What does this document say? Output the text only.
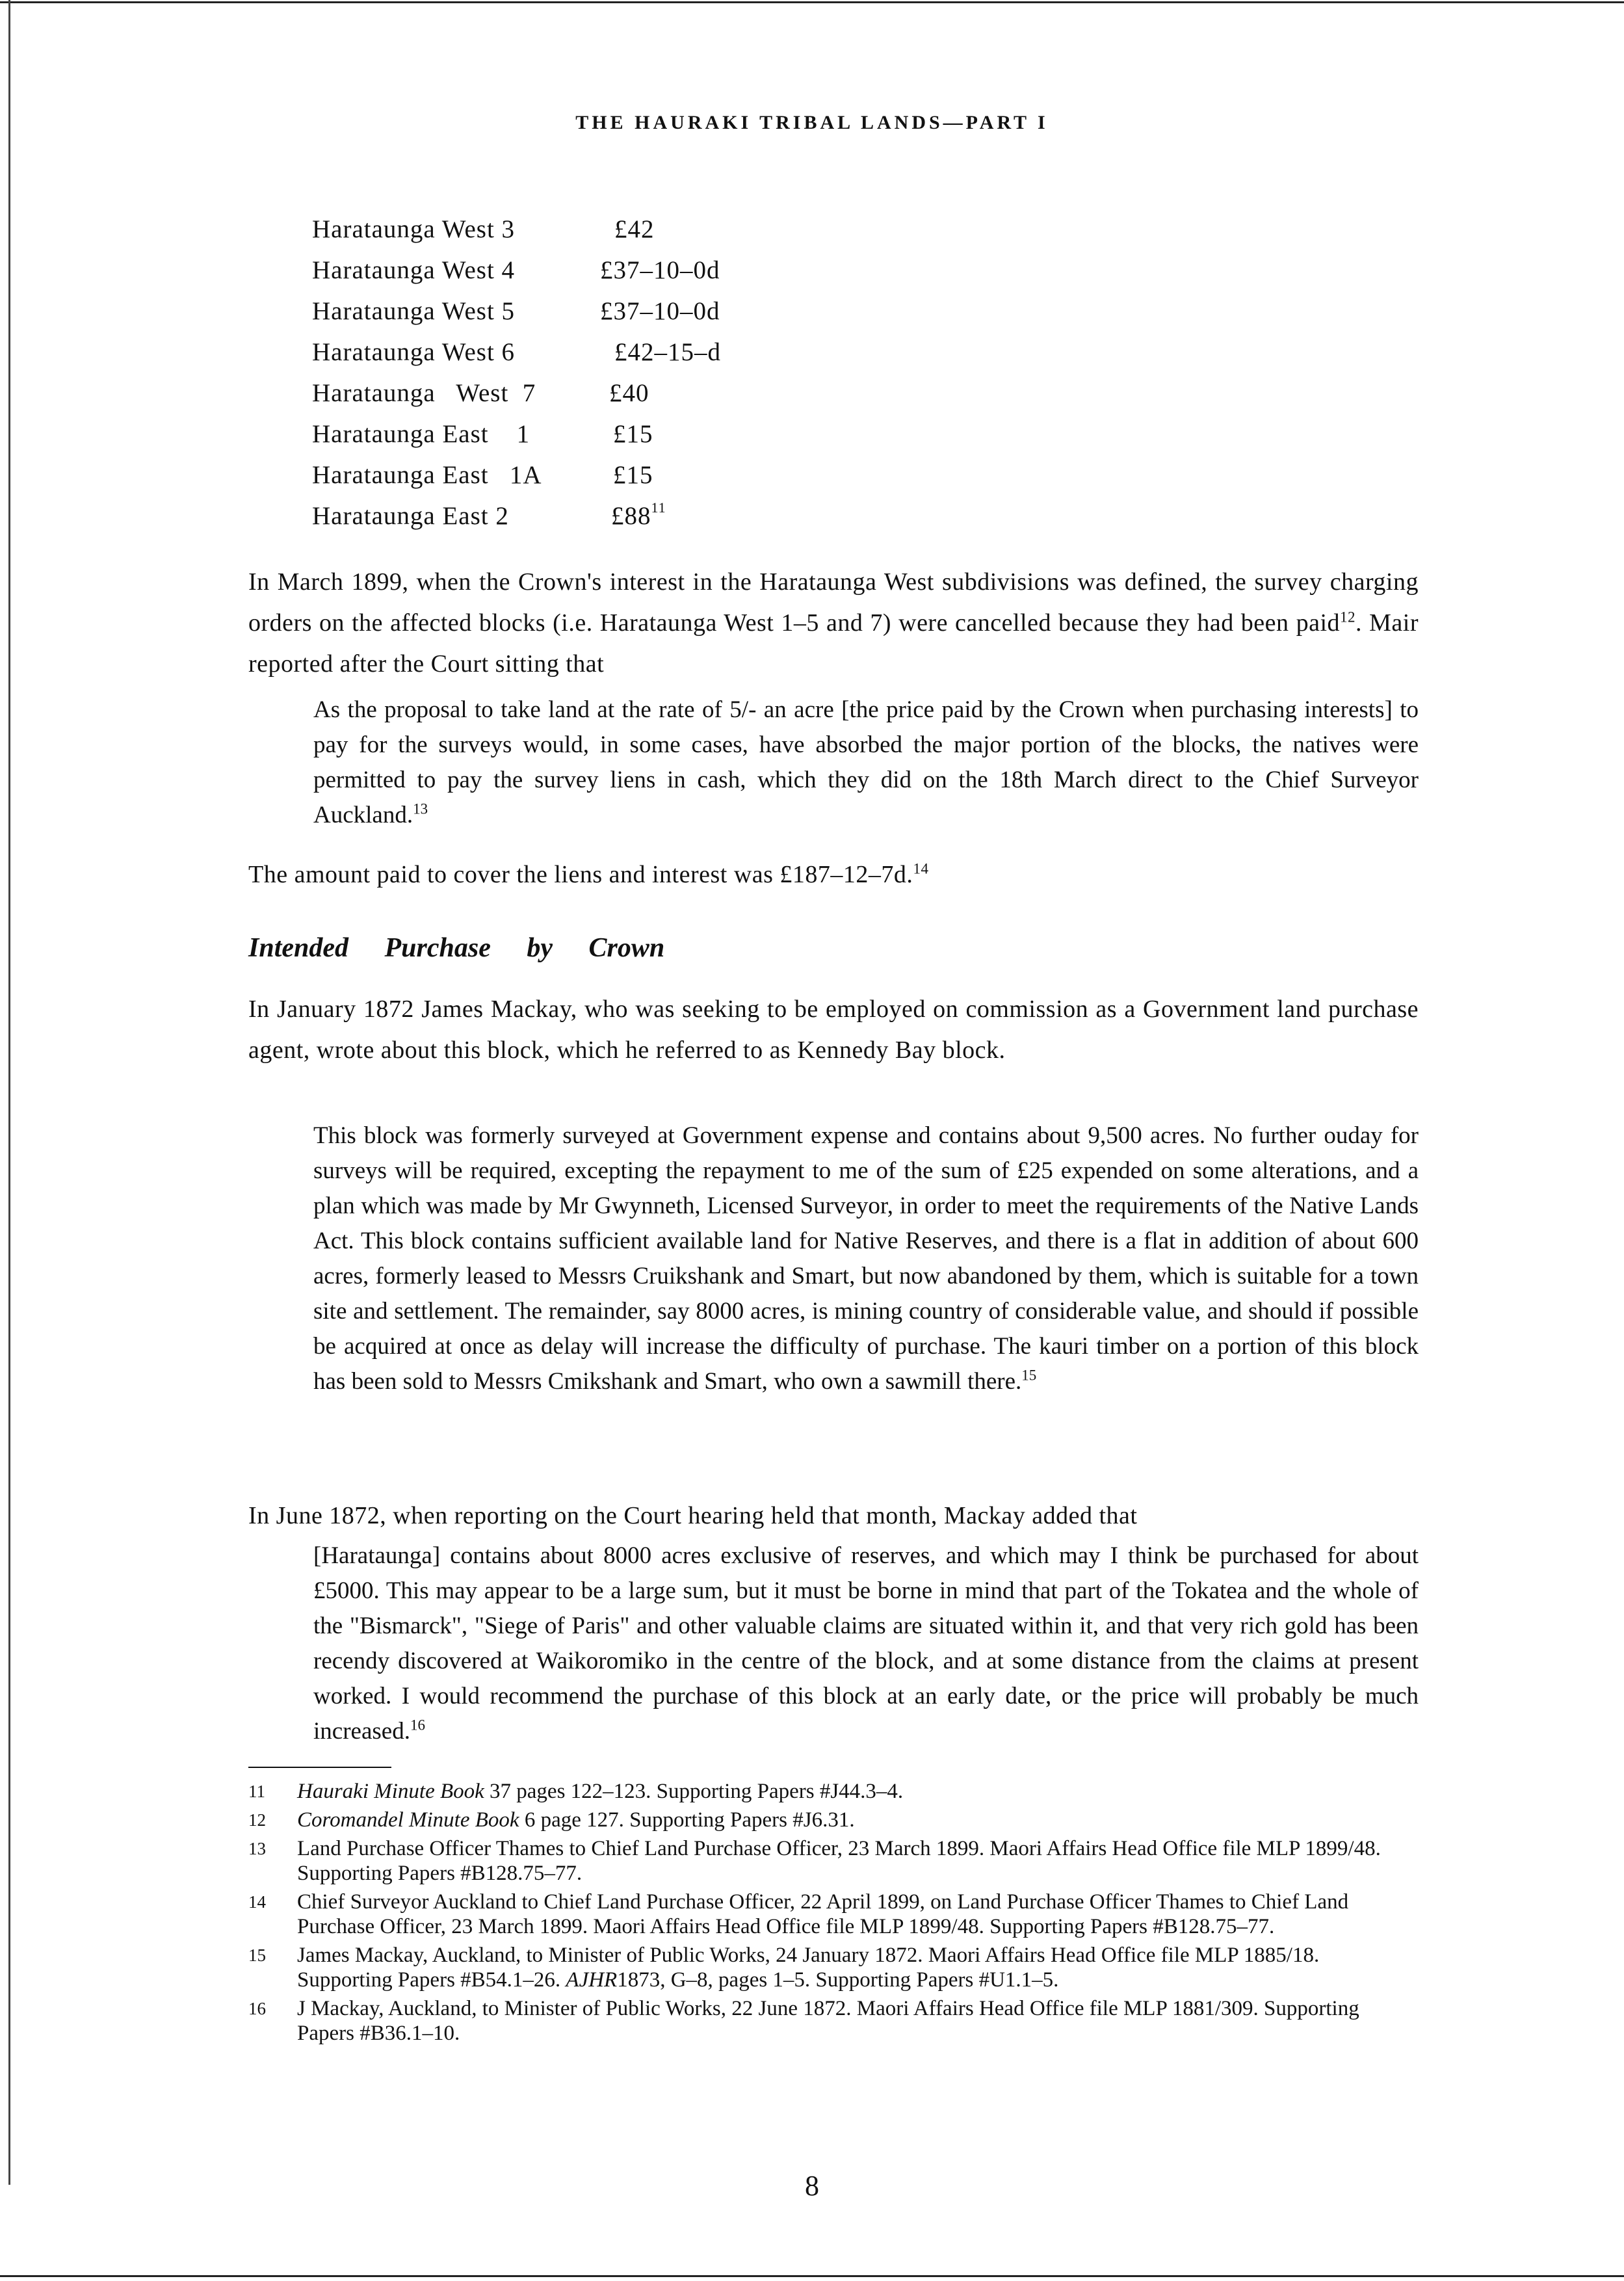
THE HAURAKI TRIBAL LANDS—PART I
Harataunga West 3	£42
Harataunga West 4	£37–10–0d
Harataunga West 5	£37–10–0d
Harataunga West 6	£42–15–d
Harataunga   West  7	£40
Harataunga East    1	£15
Harataunga East   1A	£15
Harataunga East 2	$£88^{11}$
In March 1899, when the Crown's interest in the Harataunga West subdivisions was defined, the survey charging orders on the affected blocks (i.e. Harataunga West 1–5 and 7) were cancelled because they had been paid$^{12}$. Mair reported after the Court sitting that
As the proposal to take land at the rate of 5/- an acre [the price paid by the Crown when purchasing interests] to pay for the surveys would, in some cases, have absorbed the major portion of the blocks, the natives were permitted to pay the survey liens in cash, which they did on the 18th March direct to the Chief Surveyor Auckland.$^{13}$
The amount paid to cover the liens and interest was £187–12–7d.$^{14}$
Intended Purchase by Crown
In January 1872 James Mackay, who was seeking to be employed on commission as a Government land purchase agent, wrote about this block, which he referred to as Kennedy Bay block.
This block was formerly surveyed at Government expense and contains about 9,500 acres. No further ouday for surveys will be required, excepting the repayment to me of the sum of £25 expended on some alterations, and a plan which was made by Mr Gwynneth, Licensed Surveyor, in order to meet the requirements of the Native Lands Act. This block contains sufficient available land for Native Reserves, and there is a flat in addition of about 600 acres, formerly leased to Messrs Cruikshank and Smart, but now abandoned by them, which is suitable for a town site and settlement. The remainder, say 8000 acres, is mining country of considerable value, and should if possible be acquired at once as delay will increase the difficulty of purchase. The kauri timber on a portion of this block has been sold to Messrs Cmikshank and Smart, who own a sawmill there.$^{15}$
In June 1872, when reporting on the Court hearing held that month, Mackay added that
[Harataunga] contains about 8000 acres exclusive of reserves, and which may I think be purchased for about £5000. This may appear to be a large sum, but it must be borne in mind that part of the Tokatea and the whole of the "Bismarck", "Siege of Paris" and other valuable claims are situated within it, and that very rich gold has been recendy discovered at Waikoromiko in the centre of the block, and at some distance from the claims at present worked. I would recommend the purchase of this block at an early date, or the price will probably be much increased.$^{16}$
11 Hauraki Minute Book 37 pages 122–123. Supporting Papers #J44.3–4.
12 Coromandel Minute Book 6 page 127. Supporting Papers #J6.31.
13 Land Purchase Officer Thames to Chief Land Purchase Officer, 23 March 1899. Maori Affairs Head Office file MLP 1899/48. Supporting Papers #B128.75–77.
14 Chief Surveyor Auckland to Chief Land Purchase Officer, 22 April 1899, on Land Purchase Officer Thames to Chief Land Purchase Officer, 23 March 1899. Maori Affairs Head Office file MLP 1899/48. Supporting Papers #B128.75–77.
15 James Mackay, Auckland, to Minister of Public Works, 24 January 1872. Maori Affairs Head Office file MLP 1885/18. Supporting Papers #B54.1–26. AJHR1873, G–8, pages 1–5. Supporting Papers #U1.1–5.
16 J Mackay, Auckland, to Minister of Public Works, 22 June 1872. Maori Affairs Head Office file MLP 1881/309. Supporting Papers #B36.1–10.
8
